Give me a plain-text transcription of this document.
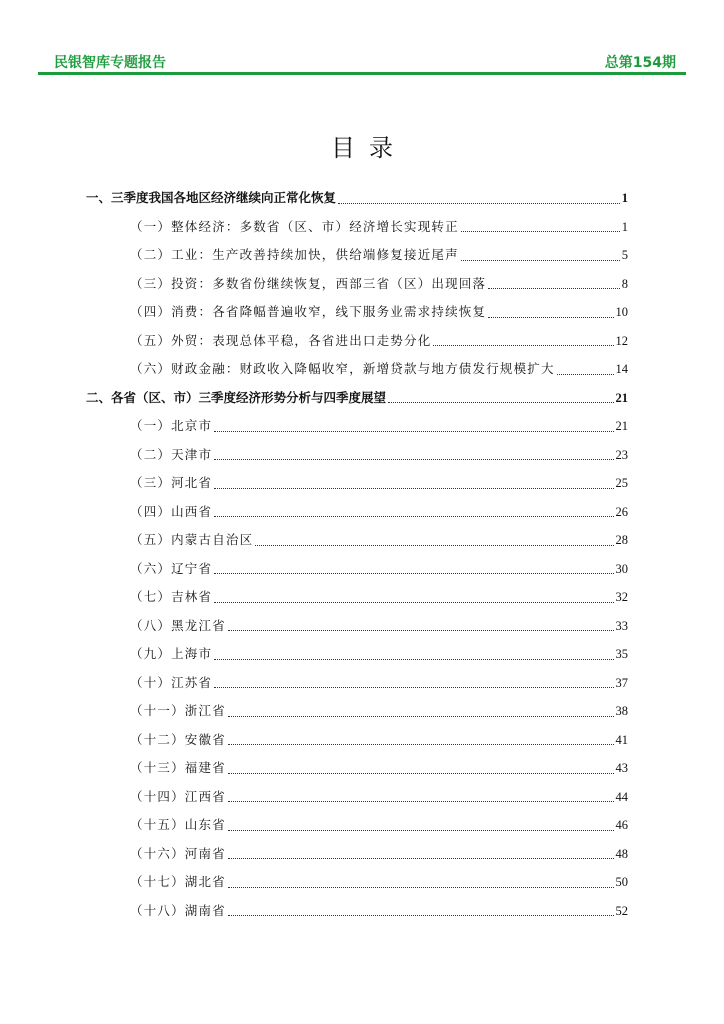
民银智库专题报告	总第154期
目录
一、三季度我国各地区经济继续向正常化恢复	1
（一）整体经济：多数省（区、市）经济增长实现转正	1
（二）工业：生产改善持续加快，供给端修复接近尾声	5
（三）投资：多数省份继续恢复，西部三省（区）出现回落	8
（四）消费：各省降幅普遍收窄，线下服务业需求持续恢复	10
（五）外贸：表现总体平稳，各省进出口走势分化	12
（六）财政金融：财政收入降幅收窄，新增贷款与地方债发行规模扩大	14
二、各省（区、市）三季度经济形势分析与四季度展望	21
（一）北京市	21
（二）天津市	23
（三）河北省	25
（四）山西省	26
（五）内蒙古自治区	28
（六）辽宁省	30
（七）吉林省	32
（八）黑龙江省	33
（九）上海市	35
（十）江苏省	37
（十一）浙江省	38
（十二）安徽省	41
（十三）福建省	43
（十四）江西省	44
（十五）山东省	46
（十六）河南省	48
（十七）湖北省	50
（十八）湖南省	52
